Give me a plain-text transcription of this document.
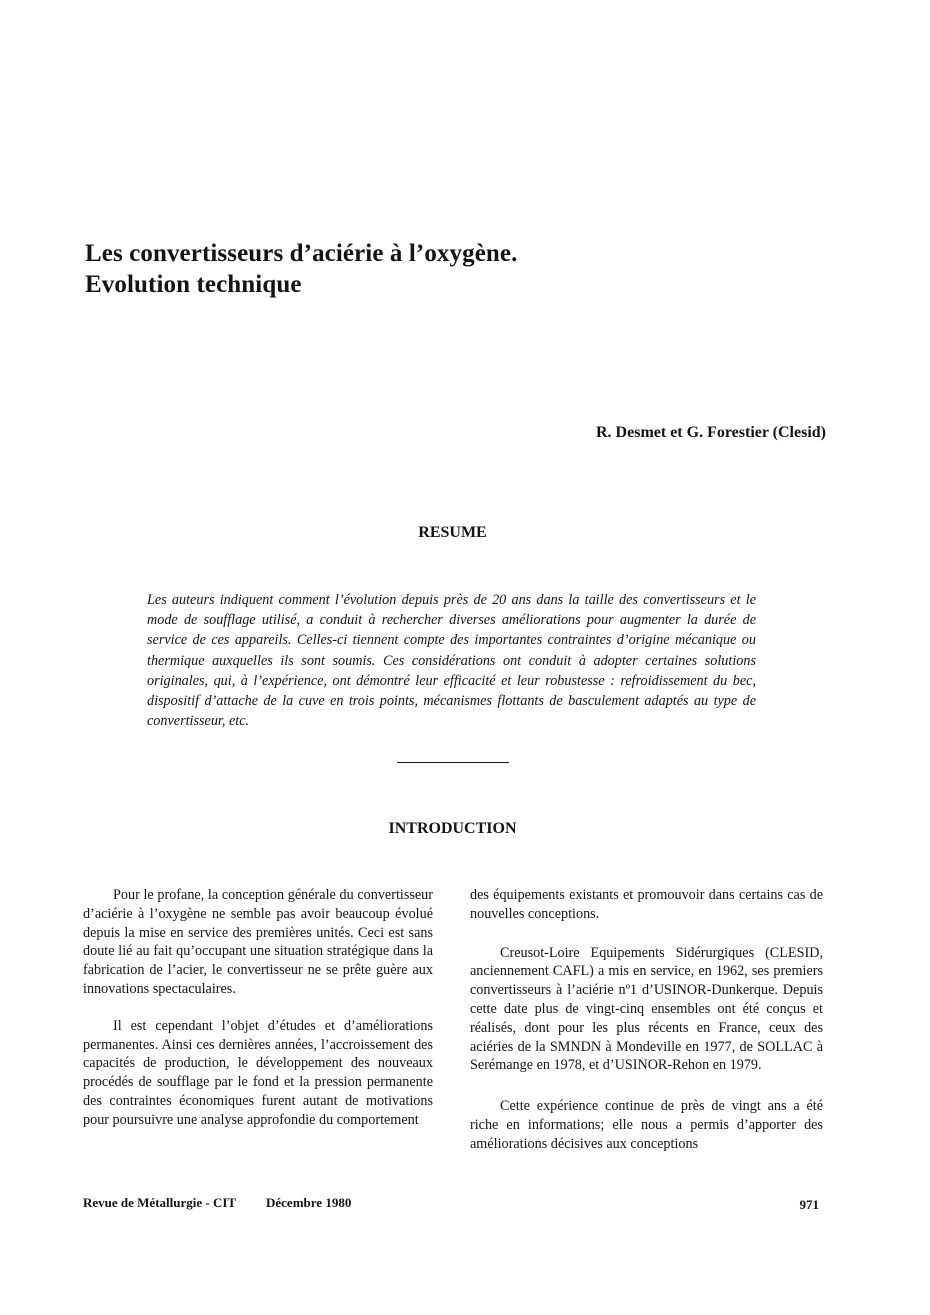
Les convertisseurs d’aciérie à l’oxygène.
Evolution technique
R. Desmet et G. Forestier (Clesid)
RESUME

Les auteurs indiquent comment l’évolution depuis près de 20 ans dans la taille des convertisseurs et le mode de soufflage utilisé, a conduit à rechercher diverses améliorations pour augmenter la durée de service de ces appareils. Celles-ci tiennent compte des importantes contraintes d’origine mécanique ou thermique auxquelles ils sont soumis. Ces considérations ont conduit à adopter certaines solutions originales, qui, à l’expérience, ont démontré leur efficacité et leur robustesse : refroidissement du bec, dispositif d’attache de la cuve en trois points, mécanismes flottants de basculement adaptés au type de convertisseur, etc.

INTRODUCTION

Pour le profane, la conception générale du convertisseur d’aciérie à l’oxygène ne semble pas avoir beaucoup évolué depuis la mise en service des premières unités. Ceci est sans doute lié au fait qu’occupant une situation stratégique dans la fabrication de l’acier, le convertisseur ne se prête guère aux innovations spectaculaires.

Il est cependant l’objet d’études et d’améliorations permanentes. Ainsi ces dernières années, l’accroissement des capacités de production, le développement des nouveaux procédés de soufflage par le fond et la pression permanente des contraintes économiques furent autant de motivations pour poursuivre une analyse approfondie du comportement

des équipements existants et promouvoir dans certains cas de nouvelles conceptions.

Creusot-Loire Equipements Sidérurgiques (CLESID, anciennement CAFL) a mis en service, en 1962, ses premiers convertisseurs à l’aciérie nº1 d’USINOR-Dunkerque. Depuis cette date plus de vingt-cinq ensembles ont été conçus et réalisés, dont pour les plus récents en France, ceux des aciéries de la SMNDN à Mondeville en 1977, de SOLLAC à Serémange en 1978, et d’USINOR-Rehon en 1979.

Cette expérience continue de près de vingt ans a été riche en informations; elle nous a permis d’apporter des améliorations décisives aux conceptions

Revue de Métallurgie - CIT Décembre 1980	971
